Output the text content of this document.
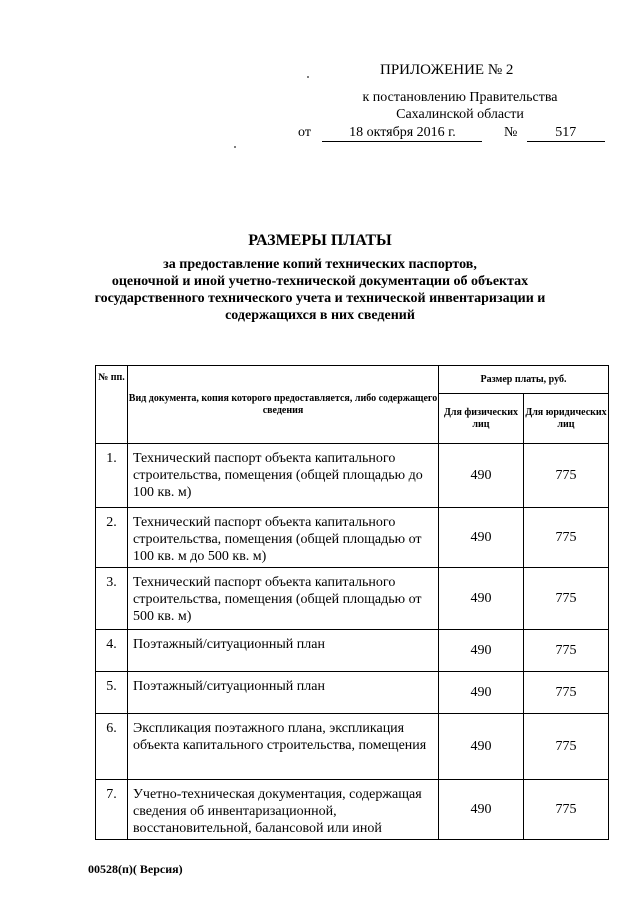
ПРИЛОЖЕНИЕ № 2
к постановлению Правительства
Сахалинской области
от	18 октября 2016 г.	№	517
РАЗМЕРЫ ПЛАТЫ
за предоставление копий технических паспортов,
оценочной и иной учетно-технической документации об объектах
государственного технического учета и технической инвентаризации и
содержащихся в них сведений
№ пп.	Вид документа, копия которого предоставляется, либо содержащего сведения	Размер платы, руб.	
		Для физических лиц	Для юридических лиц
1.	Технический паспорт объекта капитального строительства, помещения (общей площадью до 100 кв. м)	490	775
2.	Технический паспорт объекта капитального строительства, помещения (общей площадью от 100 кв. м до 500 кв. м)	490	775
3.	Технический паспорт объекта капитального строительства, помещения (общей площадью от 500 кв. м)	490	775
4.	Поэтажный/ситуационный план	490	775
5.	Поэтажный/ситуационный план	490	775
6.	Экспликация поэтажного плана, экспликация объекта капитального строительства, помещения	490	775
7.	Учетно-техническая документация, содержащая сведения об инвентаризационной, восстановительной, балансовой или иной	490	775
00528(п)( Версия)
